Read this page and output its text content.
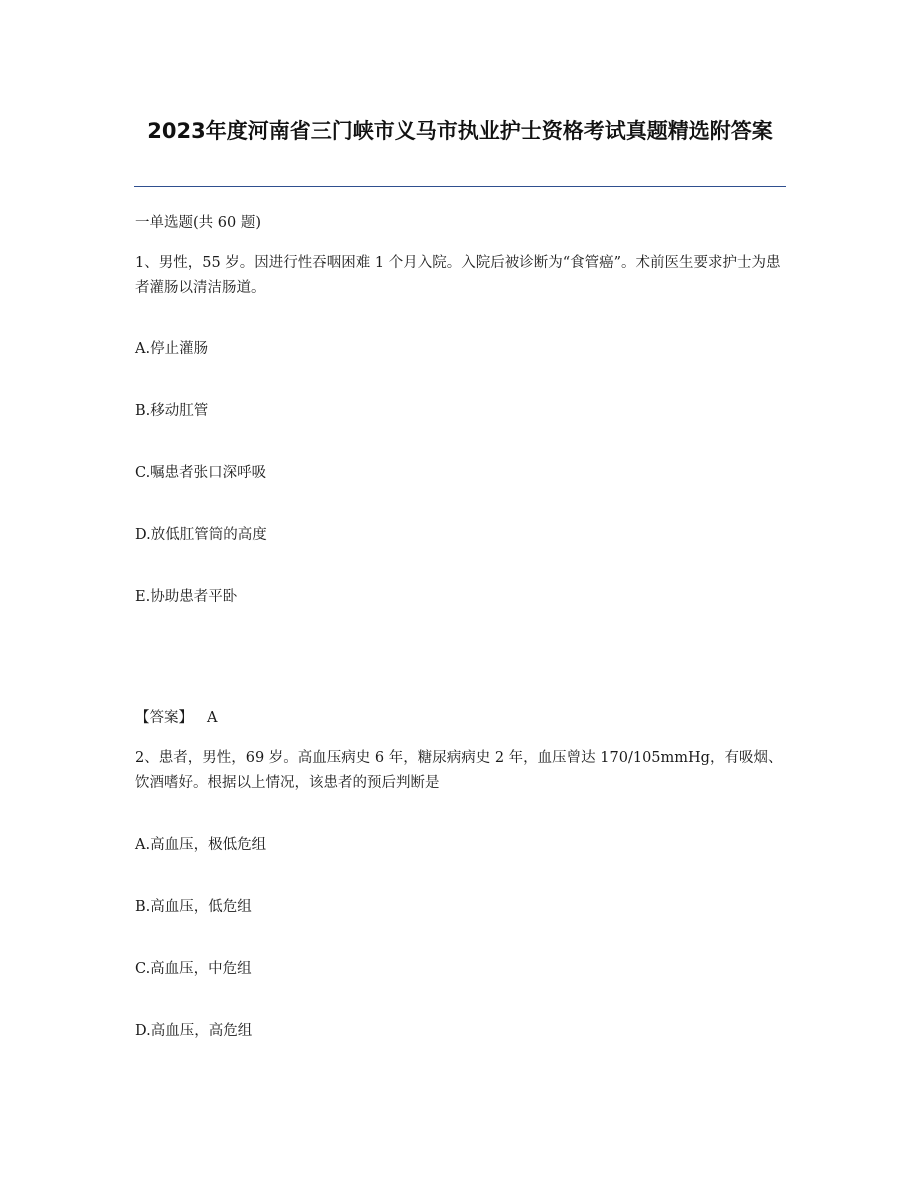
2023年度河南省三门峡市义马市执业护士资格考试真题精选附答案

一单选题(共 60 题)

1、男性，55 岁。因进行性吞咽困难 1 个月入院。入院后被诊断为“食管癌”。术前医生要求护士为患者灌肠以清洁肠道。

A.停止灌肠

B.移动肛管

C.嘱患者张口深呼吸

D.放低肛管筒的高度

E.协助患者平卧

【答案】 A

2、患者，男性，69 岁。高血压病史 6 年，糖尿病病史 2 年，血压曾达 170/105mmHg，有吸烟、饮酒嗜好。根据以上情况，该患者的预后判断是

A.高血压，极低危组

B.高血压，低危组

C.高血压，中危组

D.高血压，高危组
